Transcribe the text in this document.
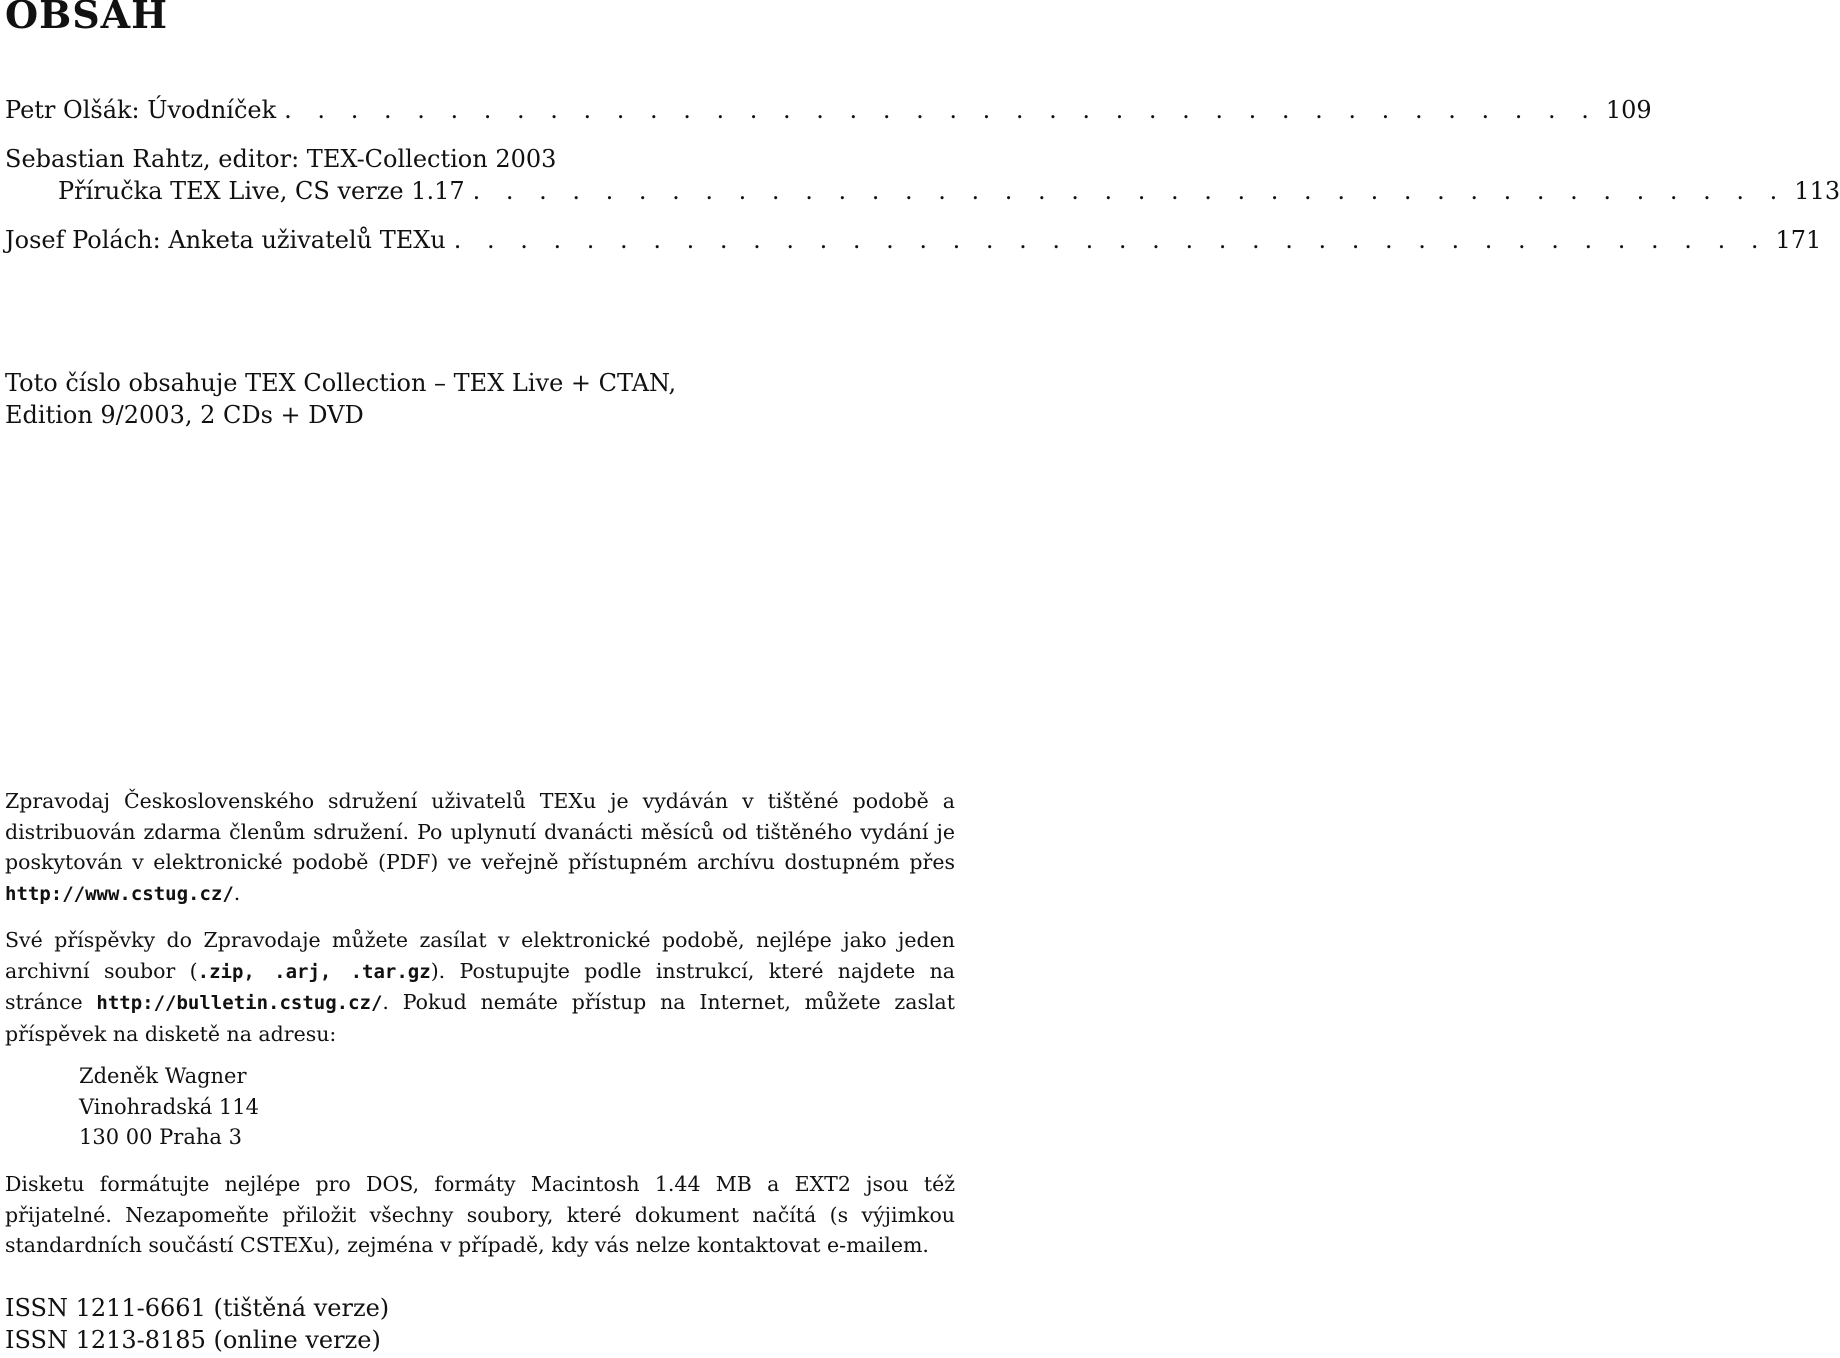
OBSAH
Petr Olšák: Úvodníček . . . . . . . . . . . . . . . . . . . . . . . . . . . . . . . . . . . . . . . . 109
Sebastian Rahtz, editor: TEX-Collection 2003
Příručka TEX Live, CS verze 1.17 . . . . . . . . . . . . . . . . . . . . . . . . . . . . . . . . . . . . . . . . 113
Josef Polách: Anketa uživatelů TEXu . . . . . . . . . . . . . . . . . . . . . . . . . . . . . . . . . . . . . . . . 171
Toto číslo obsahuje TEX Collection – TEX Live + CTAN,
Edition 9/2003, 2 CDs + DVD
Zpravodaj Československého sdružení uživatelů TEXu je vydáván v tištěné podobě a distribuován zdarma členům sdružení. Po uplynutí dvanácti měsíců od tištěného vydání je poskytován v elektronické podobě (PDF) ve veřejně přístupném archívu dostupném přes http://www.cstug.cz/.
Své příspěvky do Zpravodaje můžete zasílat v elektronické podobě, nejlépe jako jeden archivní soubor (.zip, .arj, .tar.gz). Postupujte podle instrukcí, které najdete na stránce http://bulletin.cstug.cz/. Pokud nemáte přístup na Internet, můžete zaslat příspěvek na disketě na adresu:
Zdeněk Wagner
Vinohradská 114
130 00 Praha 3
Disketu formátujte nejlépe pro DOS, formáty Macintosh 1.44 MB a EXT2 jsou též přijatelné. Nezapomeňte přiložit všechny soubory, které dokument načítá (s výjimkou standardních součástí CSTEXu), zejména v případě, kdy vás nelze kontaktovat e-mailem.
ISSN 1211-6661 (tištěná verze)
ISSN 1213-8185 (online verze)
